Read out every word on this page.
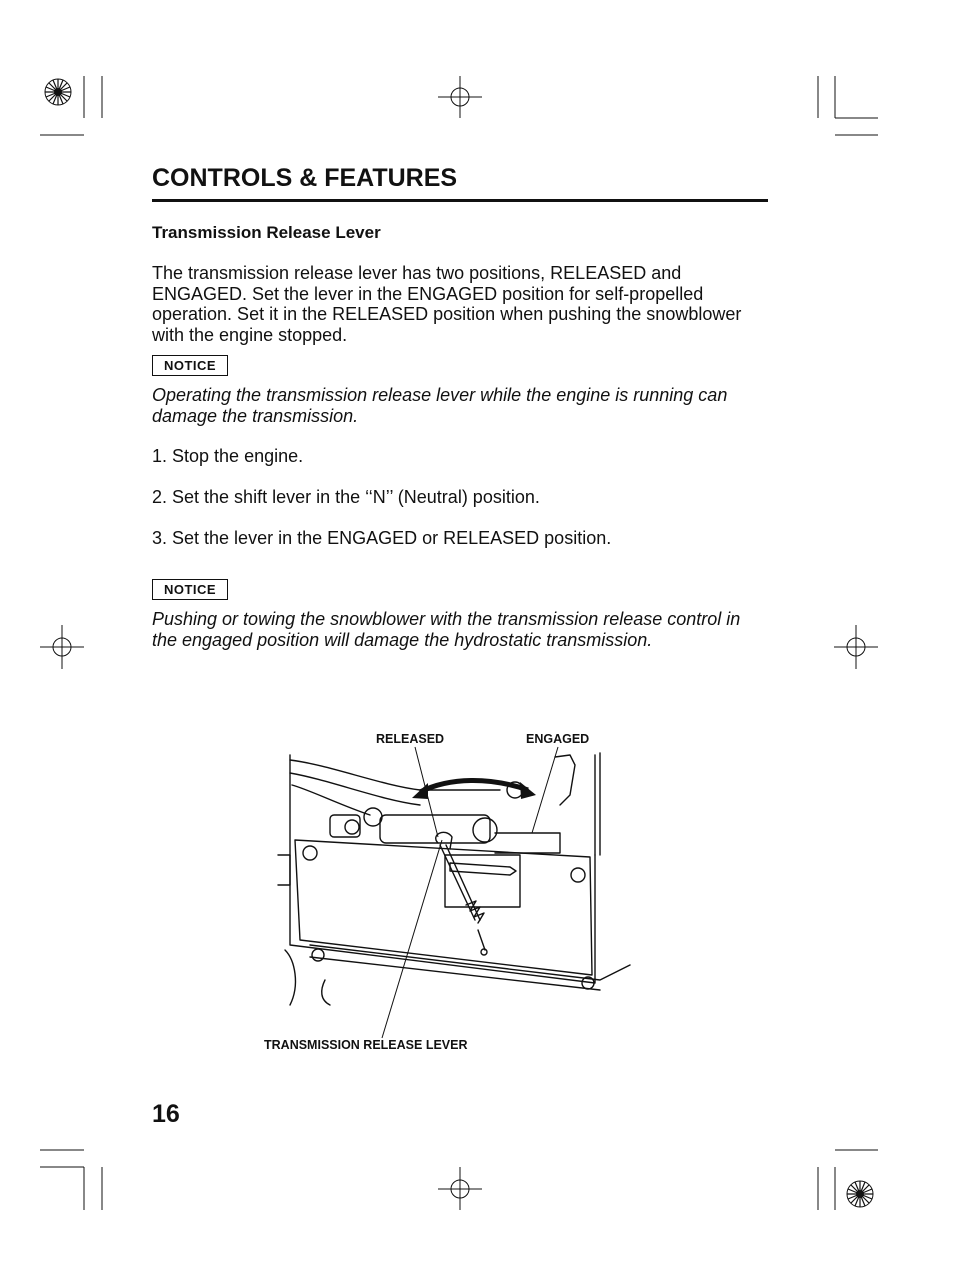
CONTROLS & FEATURES
Transmission Release Lever
The transmission release lever has two positions, RELEASED and ENGAGED. Set the lever in the ENGAGED position for self-propelled operation. Set it in the RELEASED position when pushing the snowblower with the engine stopped.
NOTICE
Operating the transmission release lever while the engine is running can damage the transmission.
1. Stop the engine.
2. Set the shift lever in the ‘‘N’’ (Neutral) position.
3. Set the lever in the ENGAGED or RELEASED position.
NOTICE
Pushing or towing the snowblower with the transmission release control in the engaged position will damage the hydrostatic transmission.
RELEASED	ENGAGED
TRANSMISSION RELEASE LEVER
16
